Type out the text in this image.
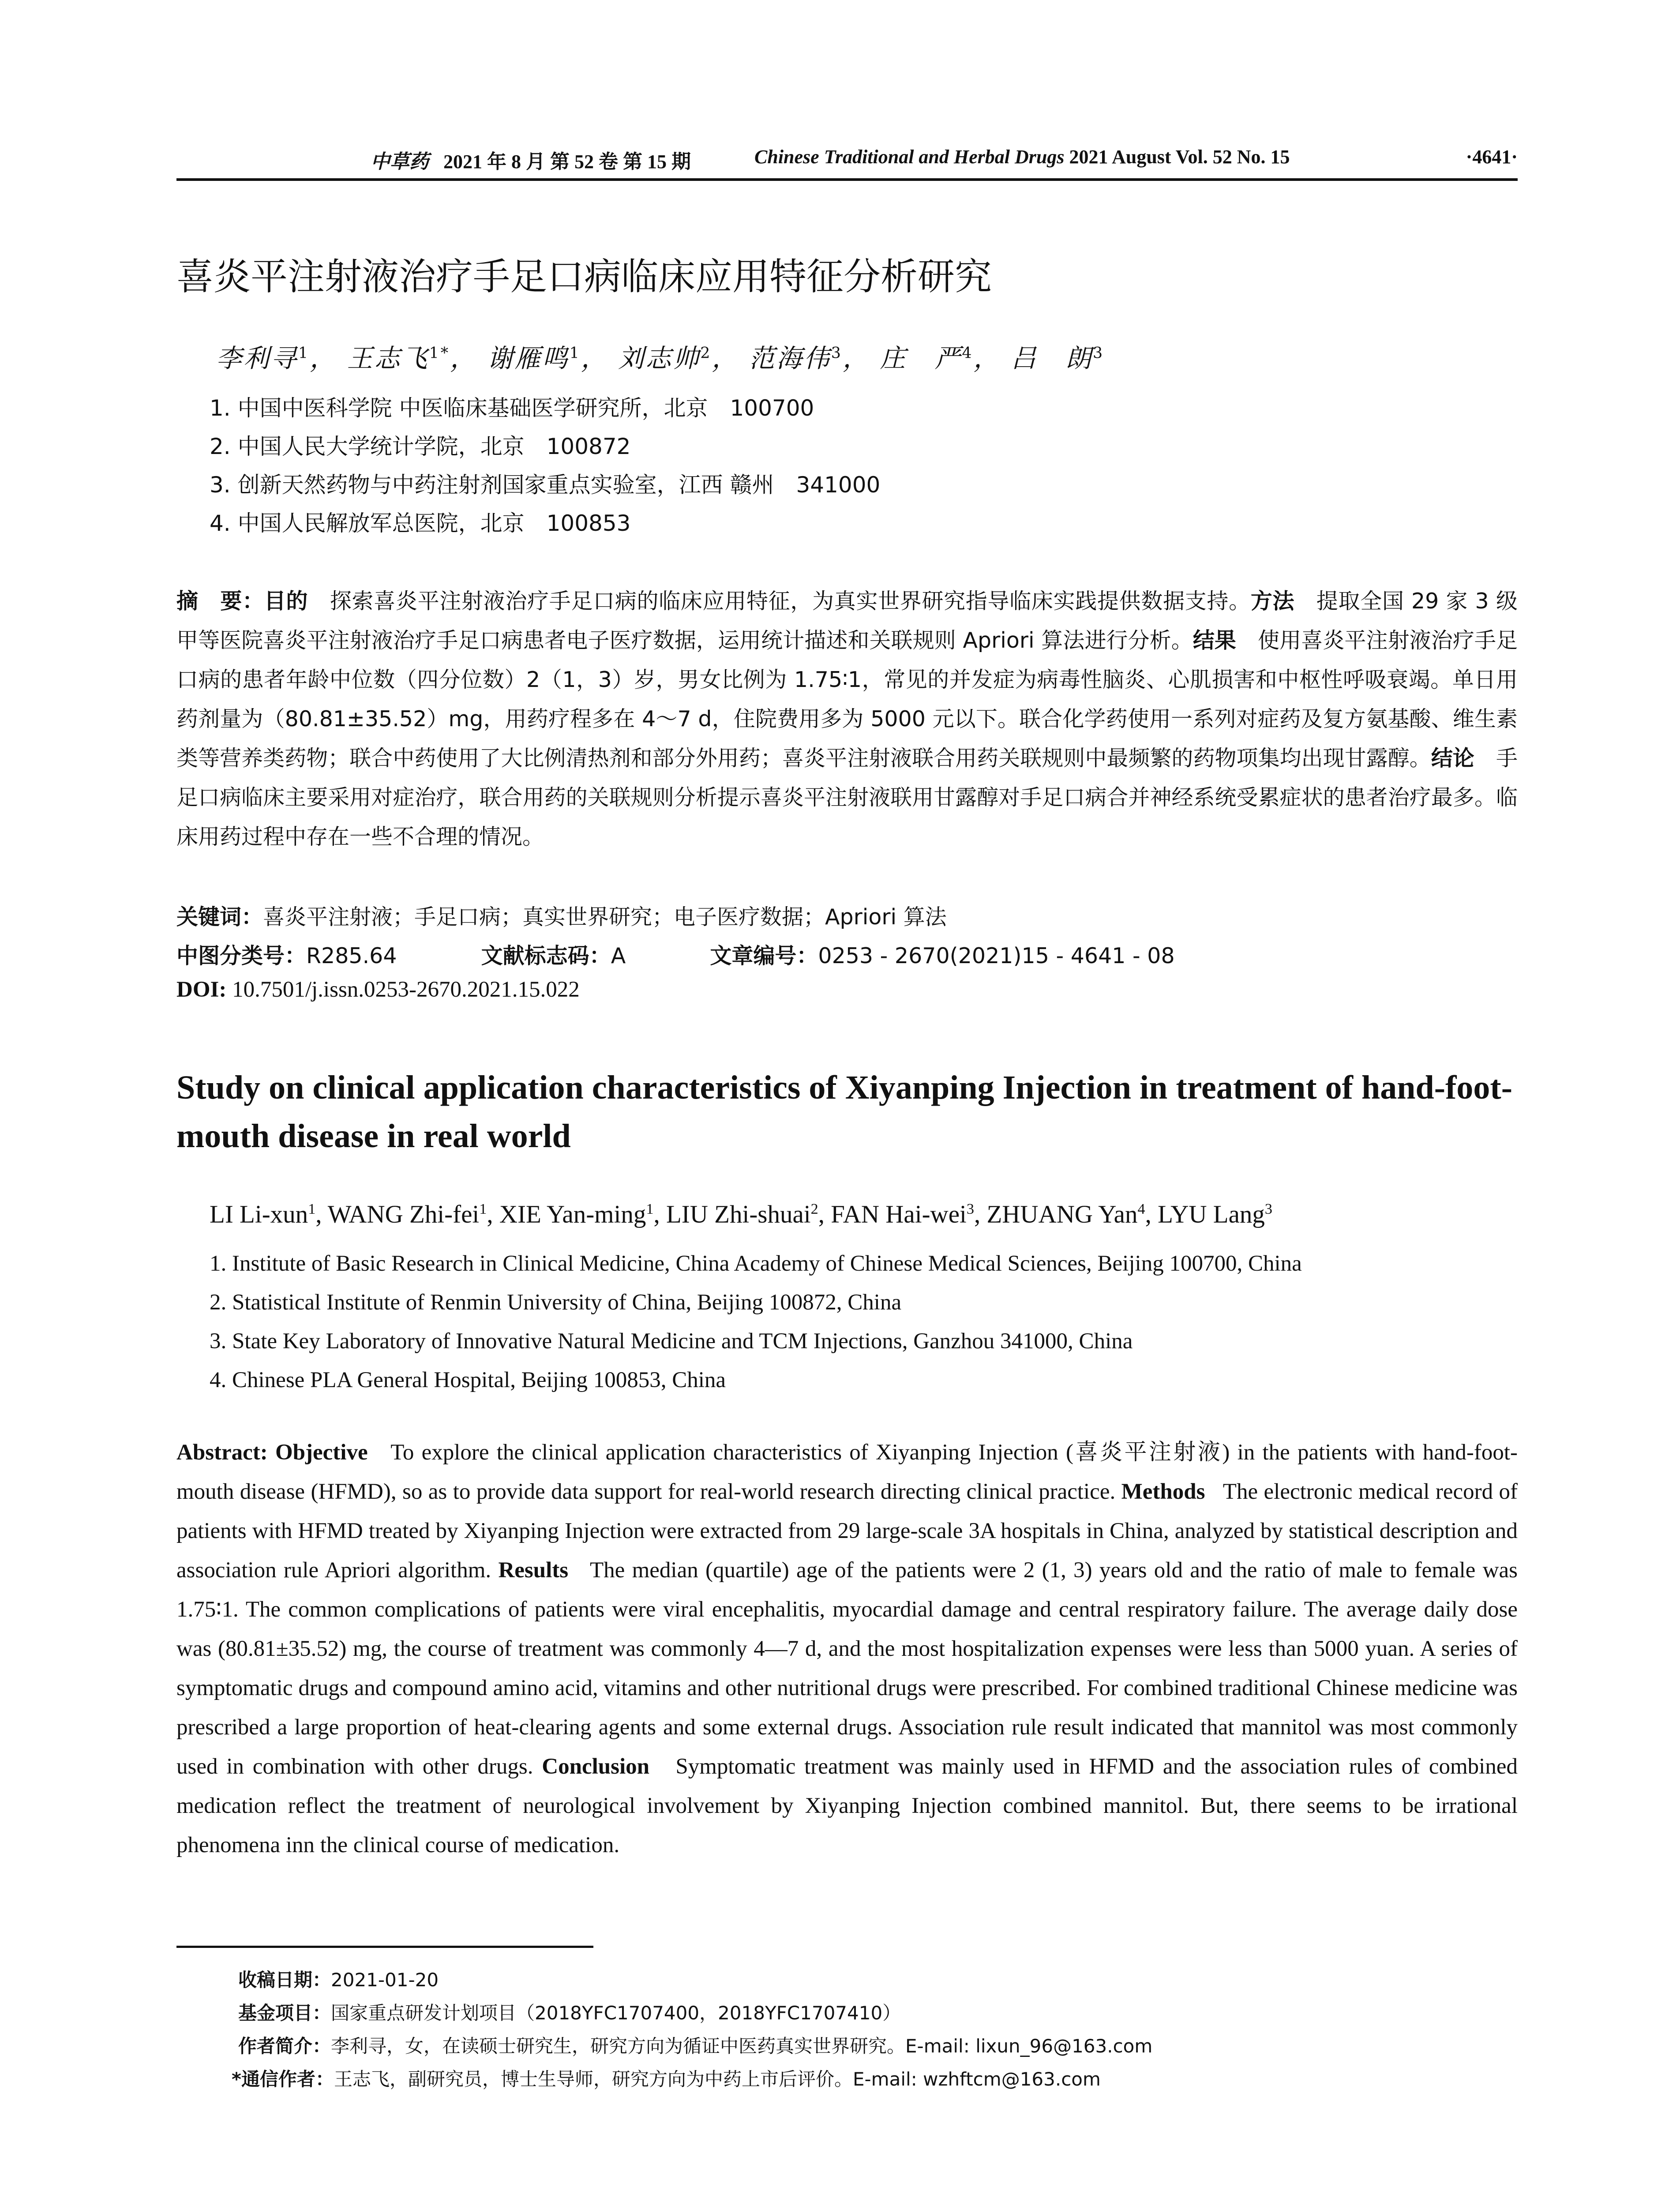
中草药 2021 年 8 月 第 52 卷 第 15 期	Chinese Traditional and Herbal Drugs 2021 August Vol. 52 No. 15	·4641·
喜炎平注射液治疗手足口病临床应用特征分析研究
李利寻$^1$， 王志飞$^{1*}$， 谢雁鸣$^1$， 刘志帅$^2$， 范海伟$^3$， 庄　严$^4$， 吕　朗$^3$
1. 中国中医科学院 中医临床基础医学研究所，北京　100700
2. 中国人民大学统计学院，北京　100872
3. 创新天然药物与中药注射剂国家重点实验室，江西 赣州　341000
4. 中国人民解放军总医院，北京　100853
摘　要：目的　 探索喜炎平注射液治疗手足口病的临床应用特征，为真实世界研究指导临床实践提供数据支持。方法　 提取全国 29 家 3 级甲等医院喜炎平注射液治疗手足口病患者电子医疗数据，运用统计描述和关联规则 Apriori 算法进行分析。结果　 使用喜炎平注射液治疗手足口病的患者年龄中位数（四分位数）2（1，3）岁，男女比例为 1.75∶1，常见的并发症为病毒性脑炎、心肌损害和中枢性呼吸衰竭。单日用药剂量为（80.81±35.52）mg，用药疗程多在 4～7 d，住院费用多为 5000 元以下。联合化学药使用一系列对症药及复方氨基酸、维生素类等营养类药物；联合中药使用了大比例清热剂和部分外用药；喜炎平注射液联合用药关联规则中最频繁的药物项集均出现甘露醇。结论　 手足口病临床主要采用对症治疗，联合用药的关联规则分析提示喜炎平注射液联用甘露醇对手足口病合并神经系统受累症状的患者治疗最多。临床用药过程中存在一些不合理的情况。
关键词：喜炎平注射液；手足口病；真实世界研究；电子医疗数据；Apriori 算法
中图分类号：R285.64	文献标志码：A	文章编号：0253 - 2670(2021)15 - 4641 - 08
DOI: 10.7501/j.issn.0253-2670.2021.15.022
Study on clinical application characteristics of Xiyanping Injection in treatment of hand-foot-mouth disease in real world
LI Li-xun$^1$, WANG Zhi-fei$^1$, XIE Yan-ming$^1$, LIU Zhi-shuai$^2$, FAN Hai-wei$^3$, ZHUANG Yan$^4$, LYU Lang$^3$
1. Institute of Basic Research in Clinical Medicine, China Academy of Chinese Medical Sciences, Beijing 100700, China
2. Statistical Institute of Renmin University of China, Beijing 100872, China
3. State Key Laboratory of Innovative Natural Medicine and TCM Injections, Ganzhou 341000, China
4. Chinese PLA General Hospital, Beijing 100853, China
Abstract: Objective To explore the clinical application characteristics of Xiyanping Injection (喜炎平注射液) in the patients with hand-foot-mouth disease (HFMD), so as to provide data support for real-world research directing clinical practice. Methods The electronic medical record of patients with HFMD treated by Xiyanping Injection were extracted from 29 large-scale 3A hospitals in China, analyzed by statistical description and association rule Apriori algorithm. Results The median (quartile) age of the patients were 2 (1, 3) years old and the ratio of male to female was 1.75∶1. The common complications of patients were viral encephalitis, myocardial damage and central respiratory failure. The average daily dose was (80.81±35.52) mg, the course of treatment was commonly 4—7 d, and the most hospitalization expenses were less than 5000 yuan. A series of symptomatic drugs and compound amino acid, vitamins and other nutritional drugs were prescribed. For combined traditional Chinese medicine was prescribed a large proportion of heat-clearing agents and some external drugs. Association rule result indicated that mannitol was most commonly used in combination with other drugs. Conclusion Symptomatic treatment was mainly used in HFMD and the association rules of combined medication reflect the treatment of neurological involvement by Xiyanping Injection combined mannitol. But, there seems to be irrational phenomena inn the clinical course of medication.
收稿日期：2021-01-20
基金项目：国家重点研发计划项目（2018YFC1707400，2018YFC1707410）
作者简介：李利寻，女，在读硕士研究生，研究方向为循证中医药真实世界研究。E-mail: lixun_96@163.com
*通信作者：王志飞，副研究员，博士生导师，研究方向为中药上市后评价。E-mail: wzhftcm@163.com
